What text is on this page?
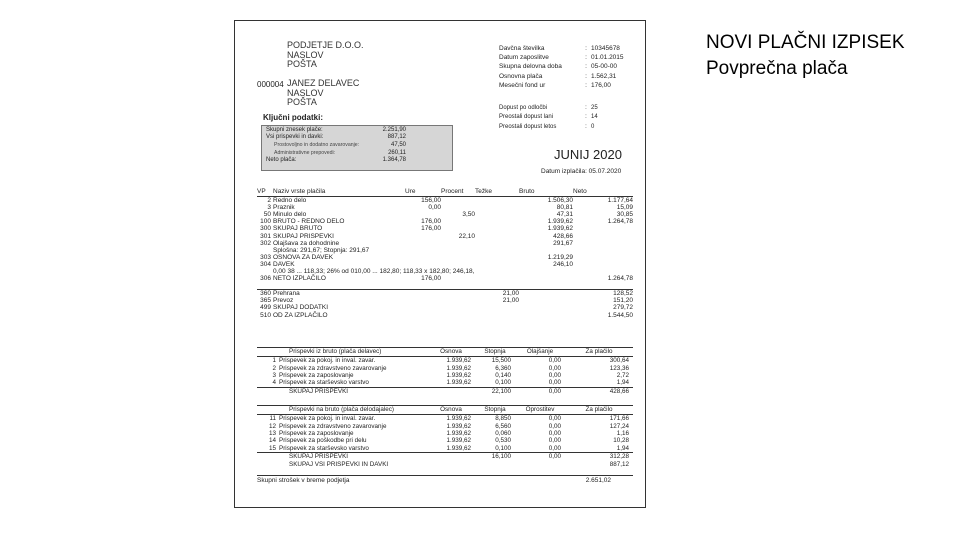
NOVI PLAČNI IZPISEK
Povprečna plača
PODJETJE D.O.O.
NASLOV
POŠTA
000004 JANEZ DELAVEC
NASLOV
POŠTA
Davčna številka	: 10345678
Datum zaposlitve	: 01.01.2015
Skupna delovna doba	: 05-00-00
Osnovna plača	: 1.562,31
Mesečni fond ur	: 176,00
Dopust po odločbi	: 25
Preostali dopust lani	: 14
Preostali dopust letos	: 0
Ključni podatki:
Skupni znesek plače:	2.251,90
Vsi prispevki in davki:	887,12
Prostovoljno in dodatno zavarovanje:	47,50
Administrativne prepovedi:	260,11
Neto plača:	1.364,78	JUNIJ 2020
Datum izplačila: 05.07.2020
VP	Naziv vrste plačila	Ure	Procent	Težke	Bruto	Neto
2	Redno delo	156,00			1.506,30	1.177,64
3	Praznik	0,00			80,81	15,09
50	Minulo delo		3,50		47,31	30,85
100	BRUTO - REDNO DELO	176,00			1.939,62	1.264,78
300	SKUPAJ BRUTO	176,00			1.939,62	
301	SKUPAJ PRISPEVKI		22,10		428,66	
302	Olajšava za dohodnine				291,67	
	Splošna: 291,67; Stopnja: 291,67					
303	OSNOVA ZA DAVEK				1.219,29	
304	DAVEK				246,10	
	0,00 38 ... 118,33; 26% od 010,00 ... 182,80; 118,33 x 182,80; 246,18,					
306	NETO IZPLAČILO	176,00				1.264,78

360	Prehrana			21,00		128,52
365	Prevoz			21,00		151,20
499	SKUPAJ DODATKI					279,72
510	OD ZA IZPLAČILO					1.544,50
	Prispevki iz bruto (plača delavec)	Osnova	Stopnja	Olajšanje	Za plačilo
1	Prispevek za pokoj. in inval. zavar.	1.939,62	15,500	0,00	300,64
2	Prispevek za zdravstveno zavarovanje	1.939,62	6,360	0,00	123,36
3	Prispevek za zaposlovanje	1.939,62	0,140	0,00	2,72
4	Prispevek za starševsko varstvo	1.939,62	0,100	0,00	1,94
	SKUPAJ PRISPEVKI		22,100	0,00	428,66
	Prispevki na bruto (plača delodajalec)	Osnova	Stopnja	Oprostitev	Za plačilo
11	Prispevek za pokoj. in inval. zavar.	1.939,62	8,850	0,00	171,66
12	Prispevek za zdravstveno zavarovanje	1.939,62	6,560	0,00	127,24
13	Prispevek za zaposlovanje	1.939,62	0,060	0,00	1,16
14	Prispevek za poškodbe pri delu	1.939,62	0,530	0,00	10,28
15	Prispevek za starševsko varstvo	1.939,62	0,100	0,00	1,94
	SKUPAJ PRISPEVKI		16,100	0,00	312,28
	SKUPAJ VSI PRISPEVKI IN DAVKI				887,12
Skupni strošek v breme podjetja	2.651,02
